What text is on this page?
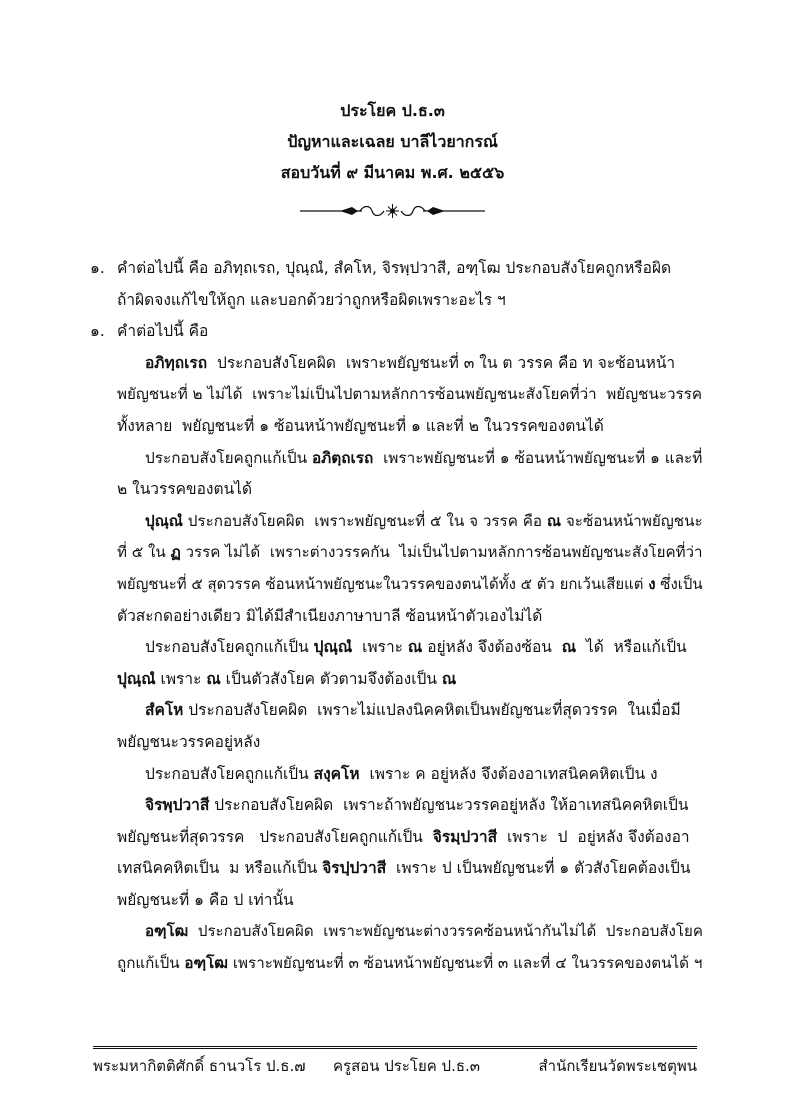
ประโยค ป.ธ.๓
ปัญหาและเฉลย บาลีไวยากรณ์
สอบวันที่ ๙ มีนาคม พ.ศ. ๒๕๕๖
๑. คำต่อไปนี้ คือ อภิทฺถเรถ, ปุณฺณํ, สํคโห, จิรพฺปวาสี, อฑฺโฒ ประกอบสังโยคถูกหรือผิด
ถ้าผิดจงแก้ไขให้ถูก และบอกด้วยว่าถูกหรือผิดเพราะอะไร ฯ
๑. คำต่อไปนี้ คือ
อภิทฺถเรถ  ประกอบสังโยคผิด  เพราะพยัญชนะที่ ๓ ใน ต วรรค คือ ท จะซ้อนหน้า
พยัญชนะที่ ๒ ไม่ได้  เพราะไม่เป็นไปตามหลักการซ้อนพยัญชนะสังโยคที่ว่า  พยัญชนะวรรค
ทั้งหลาย  พยัญชนะที่ ๑ ซ้อนหน้าพยัญชนะที่ ๑ และที่ ๒ ในวรรคของตนได้
ประกอบสังโยคถูกแก้เป็น อภิตฺถเรถ  เพราะพยัญชนะที่ ๑ ซ้อนหน้าพยัญชนะที่ ๑ และที่
๒ ในวรรคของตนได้
ปุณฺณํ ประกอบสังโยคผิด  เพราะพยัญชนะที่ ๕ ใน จ วรรค คือ ณ จะซ้อนหน้าพยัญชนะ
ที่ ๕ ใน ฏ วรรค ไม่ได้  เพราะต่างวรรคกัน  ไม่เป็นไปตามหลักการซ้อนพยัญชนะสังโยคที่ว่า
พยัญชนะที่ ๕ สุดวรรค ซ้อนหน้าพยัญชนะในวรรคของตนได้ทั้ง ๕ ตัว ยกเว้นเสียแต่ ง ซึ่งเป็น
ตัวสะกดอย่างเดียว มิได้มีสำเนียงภาษาบาลี ซ้อนหน้าตัวเองไม่ได้
ประกอบสังโยคถูกแก้เป็น ปุณฺณํ  เพราะ ณ อยู่หลัง จึงต้องซ้อน  ณ  ได้  หรือแก้เป็น
ปุณฺณํ เพราะ ณ เป็นตัวสังโยค ตัวตามจึงต้องเป็น ณ
สํคโห ประกอบสังโยคผิด  เพราะไม่แปลงนิคคหิตเป็นพยัญชนะที่สุดวรรค  ในเมื่อมี
พยัญชนะวรรคอยู่หลัง
ประกอบสังโยคถูกแก้เป็น สงฺคโห  เพราะ ค อยู่หลัง จึงต้องอาเทสนิคคหิตเป็น ง
จิรพฺปวาสี ประกอบสังโยคผิด  เพราะถ้าพยัญชนะวรรคอยู่หลัง ให้อาเทสนิคคหิตเป็น
พยัญชนะที่สุดวรรค   ประกอบสังโยคถูกแก้เป็น  จิรมฺปวาสี  เพราะ  ป  อยู่หลัง จึงต้องอา
เทสนิคคหิตเป็น  ม หรือแก้เป็น จิรปฺปวาสี  เพราะ ป เป็นพยัญชนะที่ ๑ ตัวสังโยคต้องเป็น
พยัญชนะที่ ๑ คือ ป เท่านั้น
อฑฺโฒ  ประกอบสังโยคผิด  เพราะพยัญชนะต่างวรรคซ้อนหน้ากันไม่ได้  ประกอบสังโยค
ถูกแก้เป็น อฑฺโฒ เพราะพยัญชนะที่ ๓ ซ้อนหน้าพยัญชนะที่ ๓ และที่ ๔ ในวรรคของตนได้ ฯ
พระมหากิตติศักดิ์ ธานวโร ป.ธ.๗ ครูสอน ประโยค ป.ธ.๓	สำนักเรียนวัดพระเชตุพน
